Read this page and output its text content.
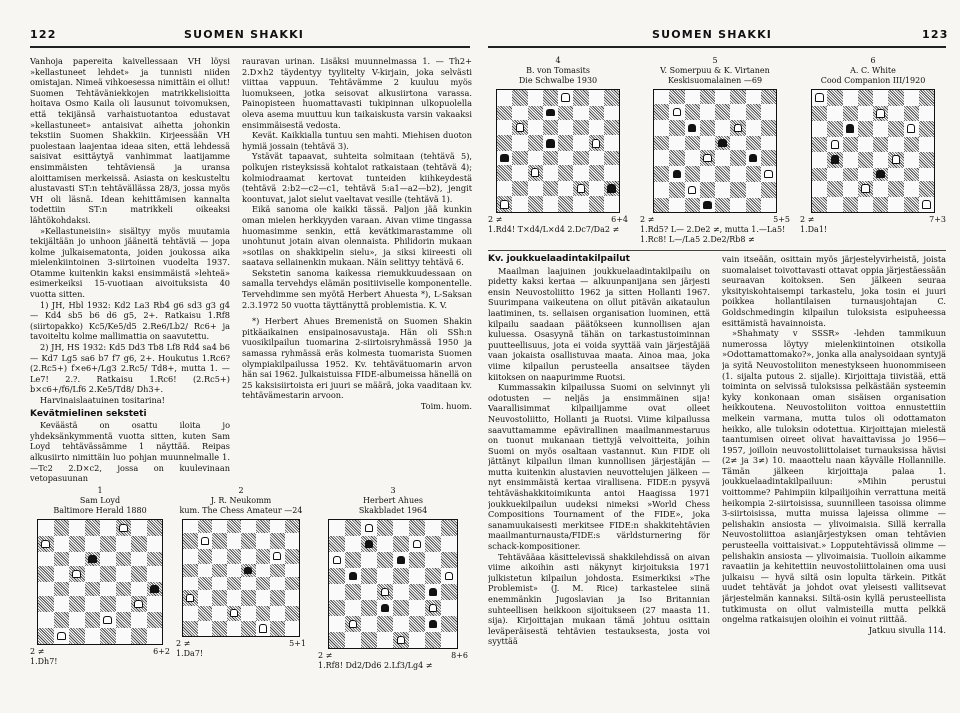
122	SUOMEN SHAKKI

Vanhoja papereita kaivellessaan VH löysi »kellastuneet lehdet» ja tunnisti niiden omistajan. Nimeä vihkoesessa nimittäin ei ollut! Suomen Tehtäväniekkojen matrikkelisioitta hoitava Osmo Kaila oli lausunut toivomuksen, että tekijänsä varhaistuotantoa edustavat »kellastuneet» antaisivat aihetta johonkin tekstiin Suomen Shakkiin. Kirjeessään VH puolestaan laajentaa ideaa siten, että lehdessä saisivat esittäytyä vanhimmat laatijamme ensimmäisten tehtäviensä ja uransa aloittamisen merkeissä. Asiasta on keskusteltu alustavasti ST:n tehtävällässa 28/3, jossa myös VH oli läsnä. Idean kehittämisen kannalta todettiin ST:n matrikkeli oikeaksi lähtökohdaksi.

»Kellastuneisiin» sisältyy myös muutamia tekijältään jo unhoon jääneitä tehtäviä — jopa kolme julkaisematonta, joiden joukossa aika mielenkiintoinen 3-siirtoinen vuodelta 1937. Otamme kuitenkin kaksi ensimmäistä »lehteä» esimerkeiksi 15-vuotiaan aivoituksista 40 vuotta sitten.

1) JH, Hbl 1932: Kd2 La3 Rb4 g6 sd3 g3 g4 — Kd4 sb5 b6 d6 g5, 2+. Ratkaisu 1.Rf8 (siirtopakko) Kc5/Ke5/d5 2.Re6/Lb2/ Rc6+ ja tavoiteltu kolme mallimattia on saavutettu.

2) JH, HS 1932: Kd5 Dd3 Tb8 Lf8 Rd4 sa4 b6 — Kd7 Lg5 sa6 b7 f7 g6, 2+. Houkutus 1.Rc6? (2.Rc5+) f×e6+/Lg3 2.Rc5/ Td8+, mutta 1. — Le7! 2.?. Ratkaisu 1.Rc6! (2.Rc5+) b×c6+/f6/Lf6 2.Ke5/Td8/ Dh3+.

Harvinaislaatuinen tositarina!

Kevätmielinen seksteti

Keväästä on osattu iloita jo yhdeksänkymmentä vuotta sitten, kuten Sam Loyd tehtävässämme 1 näyttää. Reipas alkusiirto nimittäin luo pohjan muunnelmalle 1. —Tc2 2.D×c2, jossa on kuulevinaan vetopasuunan

rauravan urinan. Lisäksi muunnelmassa 1. — Th2+ 2.D×h2 täydentyy tyylitelty V-kirjain, joka selvästi viittaa vappuun. Tehtävämme 2 kuuluu myös luomukseen, jotka seisovat alkusiirtona varassa. Painopisteen huomattavasti tukipinnan ulkopuolella oleva asema muuttuu kun taikaiskusta varsin vakaaksi ensimmäisestä vedosta.

Kevät. Kaikkialla tuntuu sen mahti. Miehisen duoton hymiä jossain (tehtävä 3).

Ystävät tapaavat, suhteita solmitaan (tehtävä 5), polkujen risteyksissä kohtalot ratkaistaan (tehtävä 4); kolmiodraamat kertovat tunteiden kiihkeydestä (tehtävä 2:b2—c2—c1, tehtävä 5:a1—a2—b2), jengit koontuvat, jalot sielut vaeltavat vesille (tehtävä 1).

Eikä sanoma ole kaikki tässä. Paljon jää kunkin oman mielen herkkyyden varaan. Aivan viime tingassa huomasimme senkin, että kevätkimarastamme oli unohtunut jotain aivan olennaista. Philidorin mukaan »sotilas on shakkipelin sielu», ja siksi kiireesti oli saatava sellainenkin mukaan. Näin selittyy tehtävä 6.

Sekstetin sanoma kaikessa riemukkuudessaan on samalla tervehdys elämän positiiviselle komponentelle. Tervehdimme sen myötä Herbert Ahuesta *), L-Saksan 2.3.1972 50 vuotta täyttänyttä problemistia. K. V.

*) Herbert Ahues Bremenistä on Suomen Shakin pitkäaikainen ensipainosavustaja. Hän oli SSh:n vuosikilpailun tuomarina 2-siirtoisryhmässä 1950 ja samassa ryhmässä eräs kolmesta tuomarista Suomen olympiakilpailussa 1952. Kv. tehtävätuomarin arvon hän sai 1962. Julkaistuissa FIDE-albumeissa hänellä on 25 kaksisiirtoista eri juuri se määrä, joka vaaditaan kv. tehtävämestarin arvoon.

Toim. huom.

1
Sam Loyd
Baltimore Herald 1880
2 ≠	6+2
1.Dh7!
2
J. R. Neukomm
kum. The Chess Amateur —24
2 ≠	5+1
1.Da7!
3
Herbert Ahues
Skakbladet 1964
2 ≠	8+6
1.Rf8! Dd2/Dd6 2.Lf3/Lg4 ≠
SUOMEN SHAKKI	123
4
B. von Tomasits
Die Schwalbe 1930
2 ≠	6+4
1.Rd4! T×d4/L×d4 2.Dc7/Da2 ≠
5
V. Somerpuu & K. Virtanen
Keskisuomalainen —69
2 ≠	5+5
1.Rd5? L— 2.De2 ≠, mutta 1.—La5! 1.Rc8! L—/La5 2.De2/Rb8 ≠
6
A. C. White
Cood Companion III/1920
2 ≠	7+3
1.Da1!
Kv. joukkuelaadintakilpailut

Maailman laajuinen joukkuelaadintakilpailu on pidetty kaksi kertaa — alkuunpanijana sen järjesti ensin Neuvostoliitto 1962 ja sitten Hollanti 1967. Suurimpana vaikeutena on ollut pitävän aikataulun laatiminen, ts. sellaisen organisation luominen, että kilpailu saadaan päätökseen kunnollisen ajan kuluessa. Osasyynä tähän on tarkastustoiminnan puutteellisuus, jota ei voida syyttää vain järjestäjää vaan jokaista osallistuvaa maata. Ainoa maa, joka viime kilpailun perusteella ansaitsee täyden kiitoksen on naapurimme Ruotsi.

Kummassakin kilpailussa Suomi on selvinnyt yli odotusten — neljäs ja ensimmäinen sija! Vaarallisimmat kilpailijamme ovat olleet Neuvostoliitto, Hollanti ja Ruotsi. Viime kilpailussa saavuttamamme epävirallinen maailmanmestaruus on tuonut mukanaan tiettyjä velvoitteita, joihin Suomi on myös osaltaan vastannut. Kun FIDE oli jättänyt kilpailun ilman kunnollisen järjestäjän — mutta kuitenkin alustavien neuvottelujen jälkeen — nyt ensimmäistä kertaa virallisena. FIDE:n pysyvä tehtäväshakkitoimikunta antoi Haagissa 1971 joukkuekilpailun uudeksi nimeksi »World Chess Compositions Tournament of the FIDE», joka sanamuukaisesti merkitsee FIDE:n shakkitehtävien maailmanturnausta/FIDE:s världsturnering för schack-kompositioner.

Tehtävääaa käsittelevissä shakkilehdissä on aivan viime aikoihin asti näkynyt kirjoituksia 1971 julkistetun kilpailun johdosta. Esimerkiksi »The Problemist» (J. M. Rice) tarkastelee siinä enemmänkin Jugoslavian ja Iso Britannian suhteellisen heikkoon sijoitukseen (27 maasta 11. sija). Kirjoittajan mukaan tämä johtuu osittain leväperäisestä tehtävien testauksesta, josta voi syyttää

vain itseään, osittain myös järjestelyvirheistä, joista suomalaiset toivottavasti ottavat oppia järjestäessään seuraavan koitoksen. Sen jälkeen seuraa yksityiskohtaisempi tarkastelu, joka tosin ei juuri poikkea hollantilaisen turnausjohtajan C. Goldschmedingin kilpailun tuloksista esipuheessa esittämistä havainnoista.

»Shahmaty v SSSR» -lehden tammikuun numerossa löytyy mielenkiintoinen otsikolla »Odottamattomako?», jonka alla analysoidaan syntyjä ja syitä Neuvostoliiton menestykseen huonommiseen (1. sijalta putous 2. sijalle). Kirjoittaja tiivistää, että toiminta on selvissä tuloksissa pelkästään systeemin kyky konkonaan oman sisäisen organisation heikkoutena. Neuvostoliiton voittoa ennustettiin melkein varmana, mutta tulos oli odottamaton heikko, alle tuloksin odotettua. Kirjoittajan mielestä taantumisen oireet olivat havaittavissa jo 1956—1957, joilloin neuvostoliittolaiset turnauksissa hävisi (2≠ ja 3≠) 10. maaottelu naan käyvälle Hollannille. Tämän jälkeen kirjoittaja palaa 1. joukkuelaadintakilpailuun: »Mihin perustui voittomme? Pahimpiin kilpailijoihin verrattuna meitä heikompia 2-siirtoisissa, suunnilleen tasoissa olimme 3-siirtoisissa, mutta muissa lajeissa olimme — pelishakin ansiosta — ylivoimaisia. Sillä kerralla Neuvostoliittoa asianjärjestyksen oman tehtävien perusteella voittaisivat.» Lopputehtävissä olimme — pelishakin ansiosta — ylivoimaisia. Tuolloin aikamme ravaatiin ja kehitettiin neuvostoliittolainen oma uusi julkaisu — hyvä siltä osin lopulta tärkein. Pitkät uudet tehtävät ja johdot ovat yleisesti vallitsevat järjestelmän kannaksi. Siltä-osin kyllä perusteellista tutkimusta on ollut valmisteilla mutta pelkkä ongelma ratkaisujen oloihin ei voinut riittää.

Jatkuu sivulla 114.
